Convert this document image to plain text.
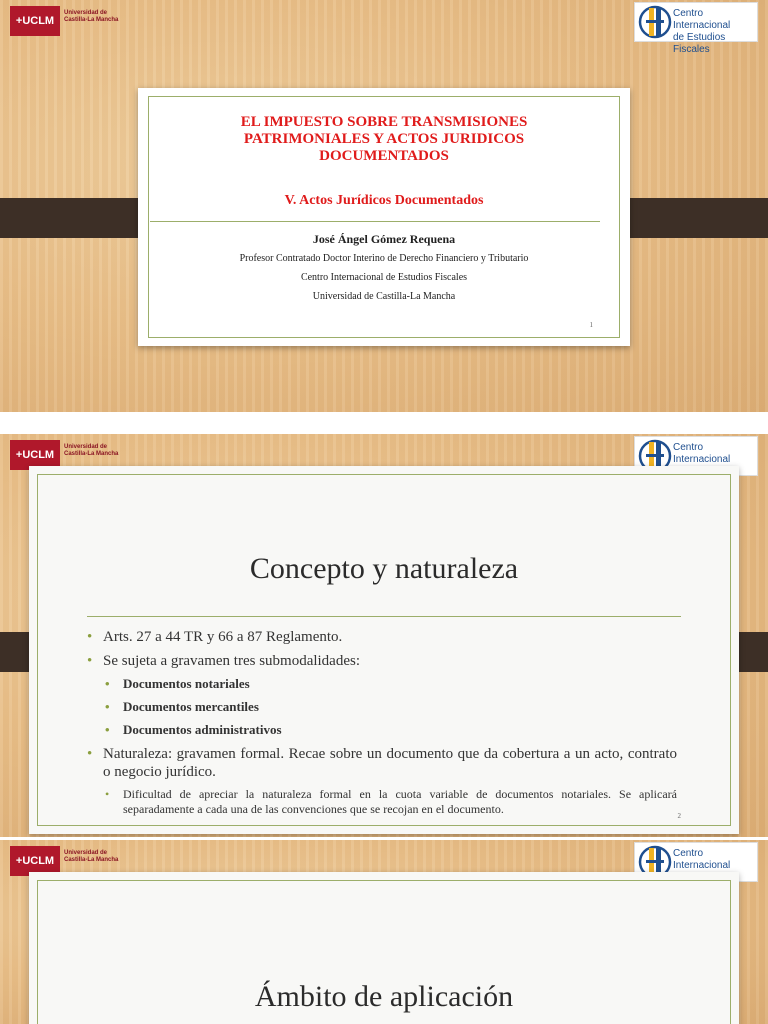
+UCLM
Universidad de Castilla-La Mancha
Centro Internacional
de Estudios Fiscales
EL IMPUESTO SOBRE TRANSMISIONES
PATRIMONIALES Y ACTOS JURIDICOS
DOCUMENTADOS
V. Actos Jurídicos Documentados
José Ángel Gómez Requena
Profesor Contratado Doctor Interino de Derecho Financiero y Tributario
Centro Internacional de Estudios Fiscales
Universidad de Castilla-La Mancha
1
+UCLM
Universidad de Castilla-La Mancha
Centro Internacional
Concepto y naturaleza
• Arts. 27 a 44 TR y 66 a 87 Reglamento.
• Se sujeta a gravamen tres submodalidades:
• Documentos notariales
• Documentos mercantiles
• Documentos administrativos
• Naturaleza: gravamen formal. Recae sobre un documento que da cobertura a un acto, contrato o negocio jurídico.
• Dificultad de apreciar la naturaleza formal en la cuota variable de documentos notariales. Se aplicará separadamente a cada una de las convenciones que se recojan en el documento.	2
+UCLM
Universidad de Castilla-La Mancha
Centro Internacional
Ámbito de aplicación
